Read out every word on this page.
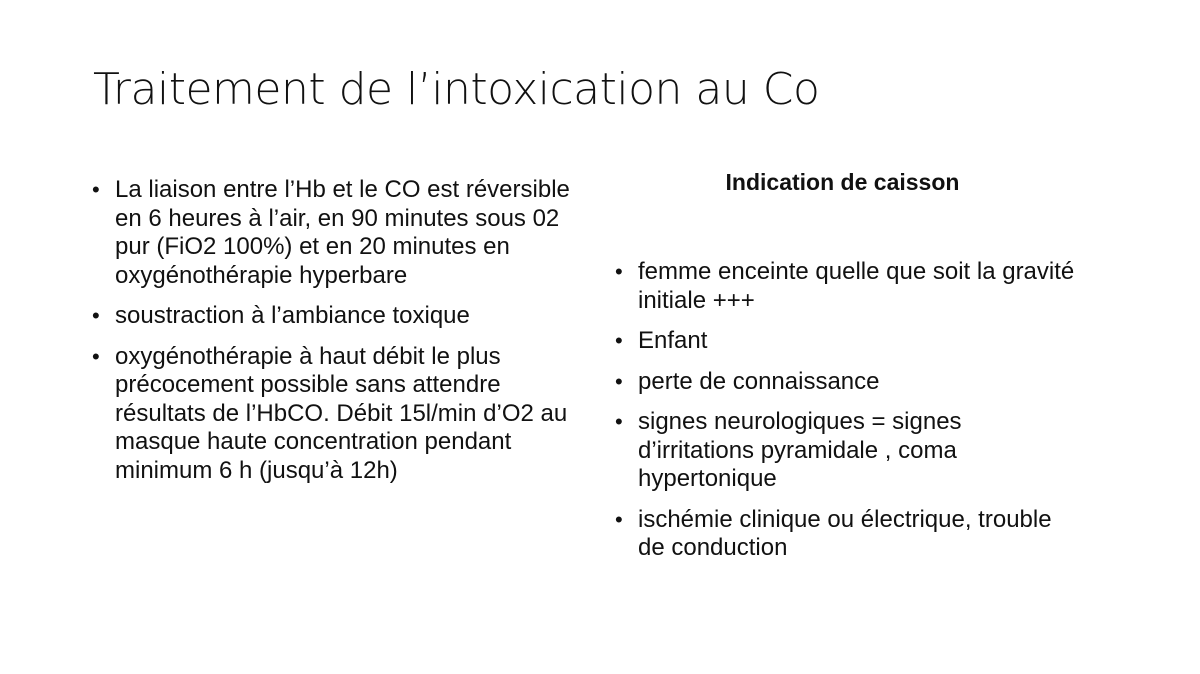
Traitement de l’intoxication au Co
• La liaison entre l’Hb et le CO est réversible en 6 heures à l’air, en 90 minutes sous 02 pur (FiO2 100%) et en 20 minutes en oxygénothérapie hyperbare
• soustraction à l’ambiance toxique
• oxygénothérapie à haut débit le plus précocement possible sans attendre résultats de l’HbCO. Débit 15l/min d’O2 au masque haute concentration pendant minimum 6 h (jusqu’à 12h)

Indication de caisson

• femme enceinte quelle que soit la gravité initiale +++
• Enfant
• perte de connaissance
• signes neurologiques = signes d’irritations pyramidale , coma hypertonique
• ischémie clinique ou électrique, trouble de conduction
